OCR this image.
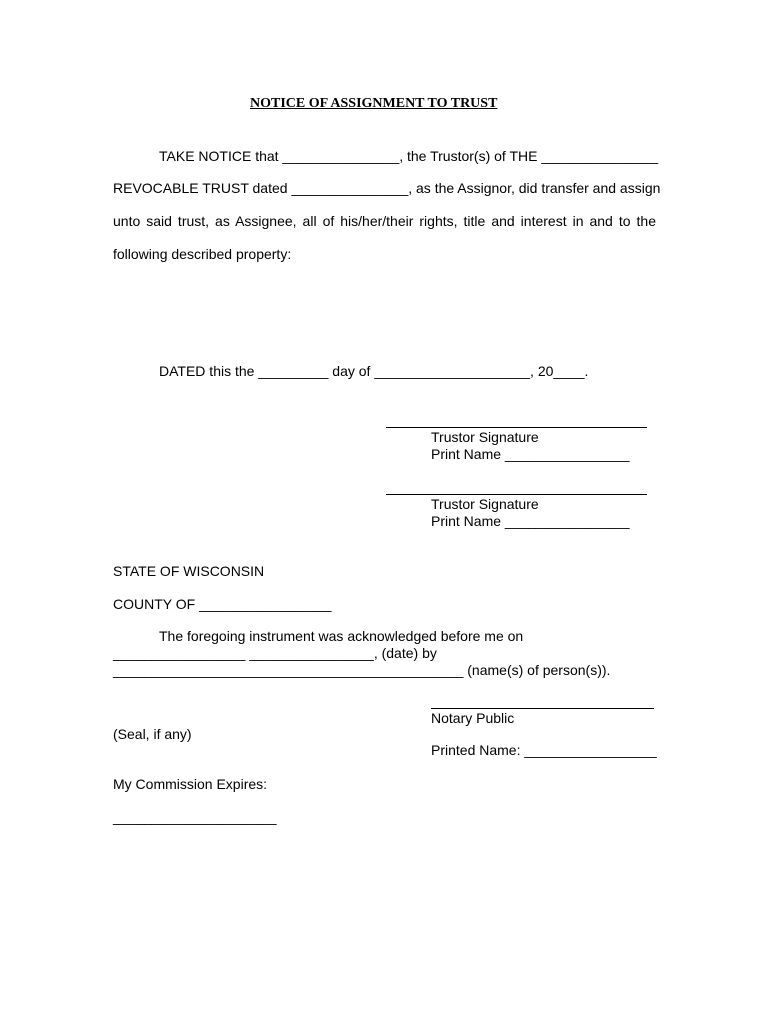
NOTICE OF ASSIGNMENT TO TRUST
TAKE NOTICE that _______________, the Trustor(s) of THE _______________
REVOCABLE TRUST dated _______________, as the Assignor, did transfer and assign
unto said trust, as Assignee, all of his/her/their rights, title and interest in and to the
following described property:
DATED this the _________ day of ____________________, 20____.
Trustor Signature
Print Name ________________
Trustor Signature
Print Name ________________
STATE OF WISCONSIN
COUNTY OF _________________
The foregoing instrument was acknowledged before me on
_________________ ________________, (date) by
_____________________________________________ (name(s) of person(s)).
Notary Public
(Seal, if any)
Printed Name: _________________
My Commission Expires:
_____________________
